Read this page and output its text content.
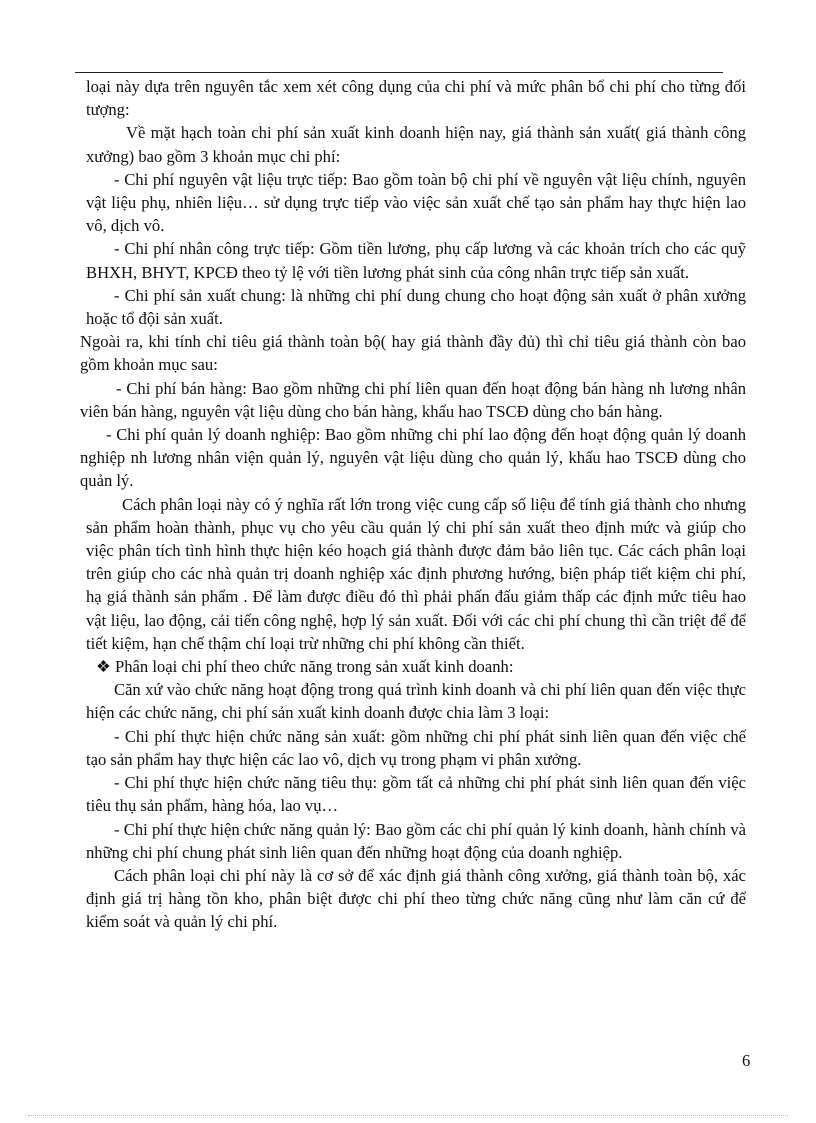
loại này dựa trên nguyên tắc xem xét công dụng của chi phí và mức phân bổ chi phí cho từng đối tượng:

Về mặt hạch toàn chi phí sản xuất kinh doanh hiện nay, giá thành sản xuất( giá thành công xưởng) bao gồm 3 khoản mục chi phí:

- Chi phí nguyên vật liệu trực tiếp: Bao gồm toàn bộ chi phí về nguyên vật liệu chính, nguyên vật liệu phụ, nhiên liệu… sử dụng trực tiếp vào việc sản xuất chế tạo sản phẩm hay thực hiện lao vô, dịch vô.

- Chi phí nhân công trực tiếp: Gồm tiền lương, phụ cấp lương và các khoản trích cho các quỹ BHXH, BHYT, KPCĐ theo tỷ lệ với tiền lương phát sinh của công nhân trực tiếp sản xuất.

- Chi phí sản xuất chung: là những chi phí dung chung cho hoạt động sản xuất ở phân xưởng hoặc tổ đội sản xuất.

Ngoài ra, khi tính chỉ tiêu giá thành toàn bộ( hay giá thành đầy đủ) thì chỉ tiêu giá thành còn bao gồm khoản mục sau:

- Chi phí bán hàng: Bao gồm những chi phí liên quan đến hoạt động bán hàng nh lương nhân viên bán hàng, nguyên vật liệu dùng cho bán hàng, khấu hao TSCĐ dùng cho bán hàng.

- Chi phí quản lý doanh nghiệp: Bao gồm những chi phí lao động đến hoạt động quản lý doanh nghiệp nh lương nhân viện quản lý, nguyên vật liệu dùng cho quản lý, khấu hao TSCĐ dùng cho quản lý.

Cách phân loại này có ý nghĩa rất lớn trong việc cung cấp số liệu để tính giá thành cho nhưng sản phẩm hoàn thành, phục vụ cho yêu cầu quản lý chi phí sản xuất theo định mức và giúp cho việc phân tích tình hình thực hiện kéo hoạch giá thành được đảm bảo liên tục. Các cách phân loại trên giúp cho các nhà quản trị doanh nghiệp xác định phương hướng, biện pháp tiết kiệm chi phí, hạ giá thành sản phẩm . Để làm được điều đó thì phải phấn đấu giảm thấp các định mức tiêu hao vật liệu, lao động, cải tiến công nghệ, hợp lý sản xuất. Đối với các chi phí chung thì cần triệt để để tiết kiệm, hạn chế thậm chí loại trừ những chi phí không cần thiết.

❖ Phân loại chi phí theo chức năng trong sản xuất kinh doanh:

Căn xứ vào chức năng hoạt động trong quá trình kinh doanh và chi phí liên quan đến việc thực hiện các chức năng, chi phí sản xuất kinh doanh được chia làm 3 loại:

- Chi phí thực hiện chức năng sản xuất: gồm những chi phí phát sinh liên quan đến việc chế tạo sản phẩm hay thực hiện các lao vô, dịch vụ trong phạm vi phân xưởng.

- Chi phí thực hiện chức năng tiêu thụ: gồm tất cả những chi phí phát sinh liên quan đến việc tiêu thụ sản phẩm, hàng hóa, lao vụ…

- Chi phí thực hiện chức năng quản lý: Bao gồm các chi phí quản lý kinh doanh, hành chính và những chi phí chung phát sinh liên quan đến những hoạt động của doanh nghiệp.

Cách phân loại chi phí này là cơ sở để xác định giá thành công xưởng, giá thành toàn bộ, xác định giá trị hàng tồn kho, phân biệt được chi phí theo từng chức năng cũng như làm căn cứ để kiểm soát và quản lý chi phí.

6
